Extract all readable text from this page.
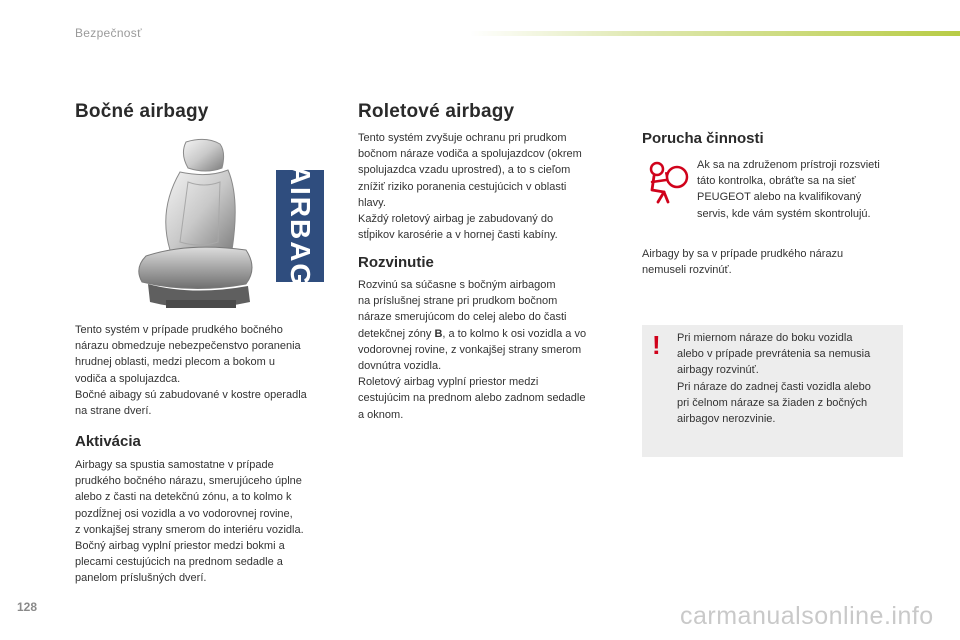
Bezpečnosť
Bočné airbagy
AIRBAG

Tento systém v prípade prudkého bočného

nárazu obmedzuje nebezpečenstvo poranenia

hrudnej oblasti, medzi plecom a bokom u

vodiča a spolujazdca.

Bočné aibagy sú zabudované v kostre operadla

na strane dverí.

Aktivácia

Airbagy sa spustia samostatne v prípade

prudkého bočného nárazu, smerujúceho úplne

alebo z časti na detekčnú zónu, a to kolmo k

pozdĺžnej osi vozidla a vo vodorovnej rovine,

z vonkajšej strany smerom do interiéru vozidla.

Bočný airbag vyplní priestor medzi bokmi a

plecami cestujúcich na prednom sedadle a

panelom príslušných dverí.

Roletové airbagy

Tento systém zvyšuje ochranu pri prudkom

bočnom náraze vodiča a spolujazdcov (okrem

spolujazdca vzadu uprostred), a to s cieľom

znížiť riziko poranenia cestujúcich v oblasti

hlavy.

Každý roletový airbag je zabudovaný do

stĺpikov karosérie a v hornej časti kabíny.

Rozvinutie

Rozvinú sa súčasne s bočným airbagom

na príslušnej strane pri prudkom bočnom

náraze smerujúcom do celej alebo do časti

detekčnej zóny B, a to kolmo k osi vozidla a vo

vodorovnej rovine, z vonkajšej strany smerom

dovnútra vozidla.

Roletový airbag vyplní priestor medzi

cestujúcim na prednom alebo zadnom sedadle

a oknom.

Porucha činnosti

Ak sa na združenom prístroji rozsvieti

táto kontrolka, obráťte sa na sieť

PEUGEOT alebo na kvalifikovaný

servis, kde vám systém skontrolujú.

Airbagy by sa v prípade prudkého nárazu

nemuseli rozvinúť.

! Pri miernom náraze do boku vozidla

alebo v prípade prevrátenia sa nemusia

airbagy rozvinúť.

Pri náraze do zadnej časti vozidla alebo

pri čelnom náraze sa žiaden z bočných

airbagov nerozvinie.

128	carmanualsonline.info
